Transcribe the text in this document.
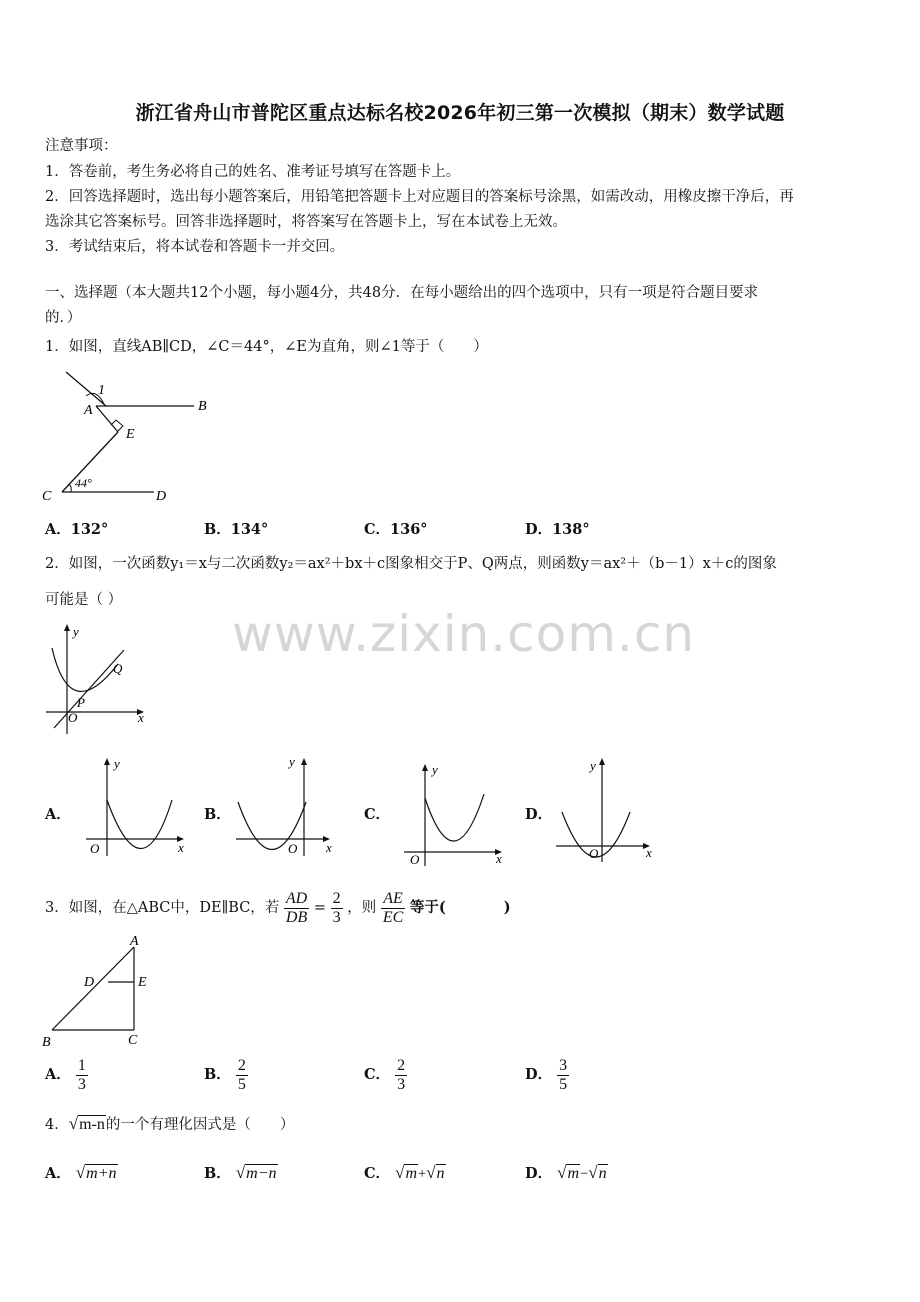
浙江省舟山市普陀区重点达标名校2026年初三第一次模拟（期末）数学试题
注意事项：
1．答卷前，考生务必将自己的姓名、准考证号填写在答题卡上。
2．回答选择题时，选出每小题答案后，用铅笔把答题卡上对应题目的答案标号涂黑，如需改动，用橡皮擦干净后，再
选涂其它答案标号。回答非选择题时，将答案写在答题卡上，写在本试卷上无效。
3．考试结束后，将本试卷和答题卡一并交回。
一、选择题（本大题共12个小题，每小题4分，共48分．在每小题给出的四个选项中，只有一项是符合题目要求
的．）
www.zixin.com.cn
1．如图，直线AB∥CD，∠C＝44°，∠E为直角，则∠1等于（　　）
1
A	B
E
C	D
44°
A．132°	B．134°	C．136°	D．138°
2．如图，一次函数y₁＝x与二次函数y₂＝ax²＋bx＋c图象相交于P、Q两点，则函数y＝ax²＋（b－1）x＋c的图象
可能是（ ）
y
x
O
P
Q
A．
y
x
O
B．
y
x
O
C．
y
x
O
D．
y
x
O
3．如图，在△ABC中，DE∥BC，若 $\frac{AD}{DB} = \frac{2}{3}$ ，则 $\frac{AE}{EC}$ 等于(　　　　)
A
D	E
B	C
A． $\frac{1}{3}$	B． $\frac{2}{5}$	C． $\frac{2}{3}$	D． $\frac{3}{5}$
4．√m-n的一个有理化因式是（　　）
A． √m+n	B． √m−n	C． √m+√n	D． √m−√n
